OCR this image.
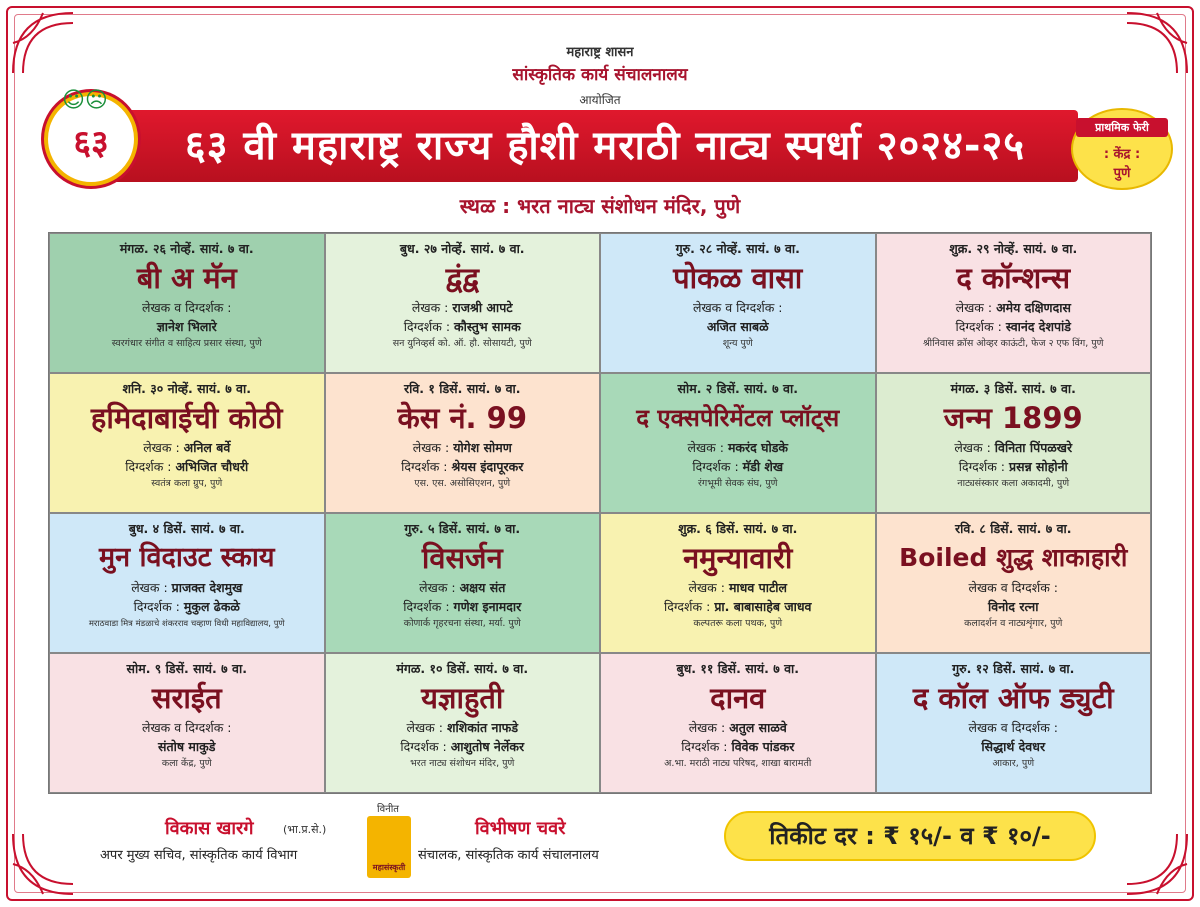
महाराष्ट्र शासन
सांस्कृतिक कार्य संचालनालय
आयोजित
६३ वी महाराष्ट्र राज्य हौशी मराठी नाट्य स्पर्धा २०२४-२५
६३
☺☹
प्राथमिक फेरी
: केंद्र :
पुणे
स्थळ : भरत नाट्य संशोधन मंदिर, पुणे
मंगळ. २६ नोव्हें. सायं. ७ वा.
बी अ मॅन
लेखक व दिग्दर्शक :
ज्ञानेश भिलारे
स्वरगंधार संगीत व साहित्य प्रसार संस्था, पुणे
बुध. २७ नोव्हें. सायं. ७ वा.
द्वंद्व
लेखक : राजश्री आपटे
दिग्दर्शक : कौस्तुभ सामक
सन युनिव्हर्स को. ऑ. हौ. सोसायटी, पुणे
गुरु. २८ नोव्हें. सायं. ७ वा.
पोकळ वासा
लेखक व दिग्दर्शक :
अजित साबळे
शून्य पुणे
शुक्र. २९ नोव्हें. सायं. ७ वा.
द कॉन्शन्स
लेखक : अमेय दक्षिणदास
दिग्दर्शक : स्वानंद देशपांडे
श्रीनिवास क्रॉस ओव्हर काऊंटी, फेज २ एफ विंग, पुणे
शनि. ३० नोव्हें. सायं. ७ वा.
हमिदाबाईची कोठी
लेखक : अनिल बर्वे
दिग्दर्शक : अभिजित चौधरी
स्वतंत्र कला ग्रुप, पुणे
रवि. १ डिसें. सायं. ७ वा.
केस नं. 99
लेखक : योगेश सोमण
दिग्दर्शक : श्रेयस इंदापूरकर
एस. एस. असोसिएशन, पुणे
सोम. २ डिसें. सायं. ७ वा.
द एक्सपेरिमेंटल प्लॉट्स
लेखक : मकरंद घोडके
दिग्दर्शक : मॅडी शेख
रंगभूमी सेवक संघ, पुणे
मंगळ. ३ डिसें. सायं. ७ वा.
जन्म 1899
लेखक : विनिता पिंपळखरे
दिग्दर्शक : प्रसन्न सोहोनी
नाट्यसंस्कार कला अकादमी, पुणे
बुध. ४ डिसें. सायं. ७ वा.
मुन विदाउट स्काय
लेखक : प्राजक्त देशमुख
दिग्दर्शक : मुकुल ढेकळे
मराठवाडा मित्र मंडळाचे शंकरराव चव्हाण विधी महाविद्यालय, पुणे
गुरु. ५ डिसें. सायं. ७ वा.
विसर्जन
लेखक : अक्षय संत
दिग्दर्शक : गणेश इनामदार
कोणार्क गृहरचना संस्था, मर्या. पुणे
शुक्र. ६ डिसें. सायं. ७ वा.
नमुन्यावारी
लेखक : माधव पाटील
दिग्दर्शक : प्रा. बाबासाहेब जाधव
कल्पतरू कला पथक, पुणे
रवि. ८ डिसें. सायं. ७ वा.
Boiled शुद्ध शाकाहारी
लेखक व दिग्दर्शक :
विनोद रत्ना
कलादर्शन व नाट्यशृंगार, पुणे
सोम. ९ डिसें. सायं. ७ वा.
सराईत
लेखक व दिग्दर्शक :
संतोष माकुडे
कला केंद्र, पुणे
मंगळ. १० डिसें. सायं. ७ वा.
यज्ञाहुती
लेखक : शशिकांत नाफडे
दिग्दर्शक : आशुतोष नेर्लेकर
भरत नाट्य संशोधन मंदिर, पुणे
बुध. ११ डिसें. सायं. ७ वा.
दानव
लेखक : अतुल साळवे
दिग्दर्शक : विवेक पांडकर
अ.भा. मराठी नाट्य परिषद, शाखा बारामती
गुरु. १२ डिसें. सायं. ७ वा.
द कॉल ऑफ ड्युटी
लेखक व दिग्दर्शक :
सिद्धार्थ देवधर
आकार, पुणे
विकास खारगे	(भा.प्र.से.)
अपर मुख्य सचिव, सांस्कृतिक कार्य विभाग
विनीत
महासंस्कृती
विभीषण चवरे
संचालक, सांस्कृतिक कार्य संचालनालय
तिकीट दर : ₹ १५/- व ₹ १०/-
